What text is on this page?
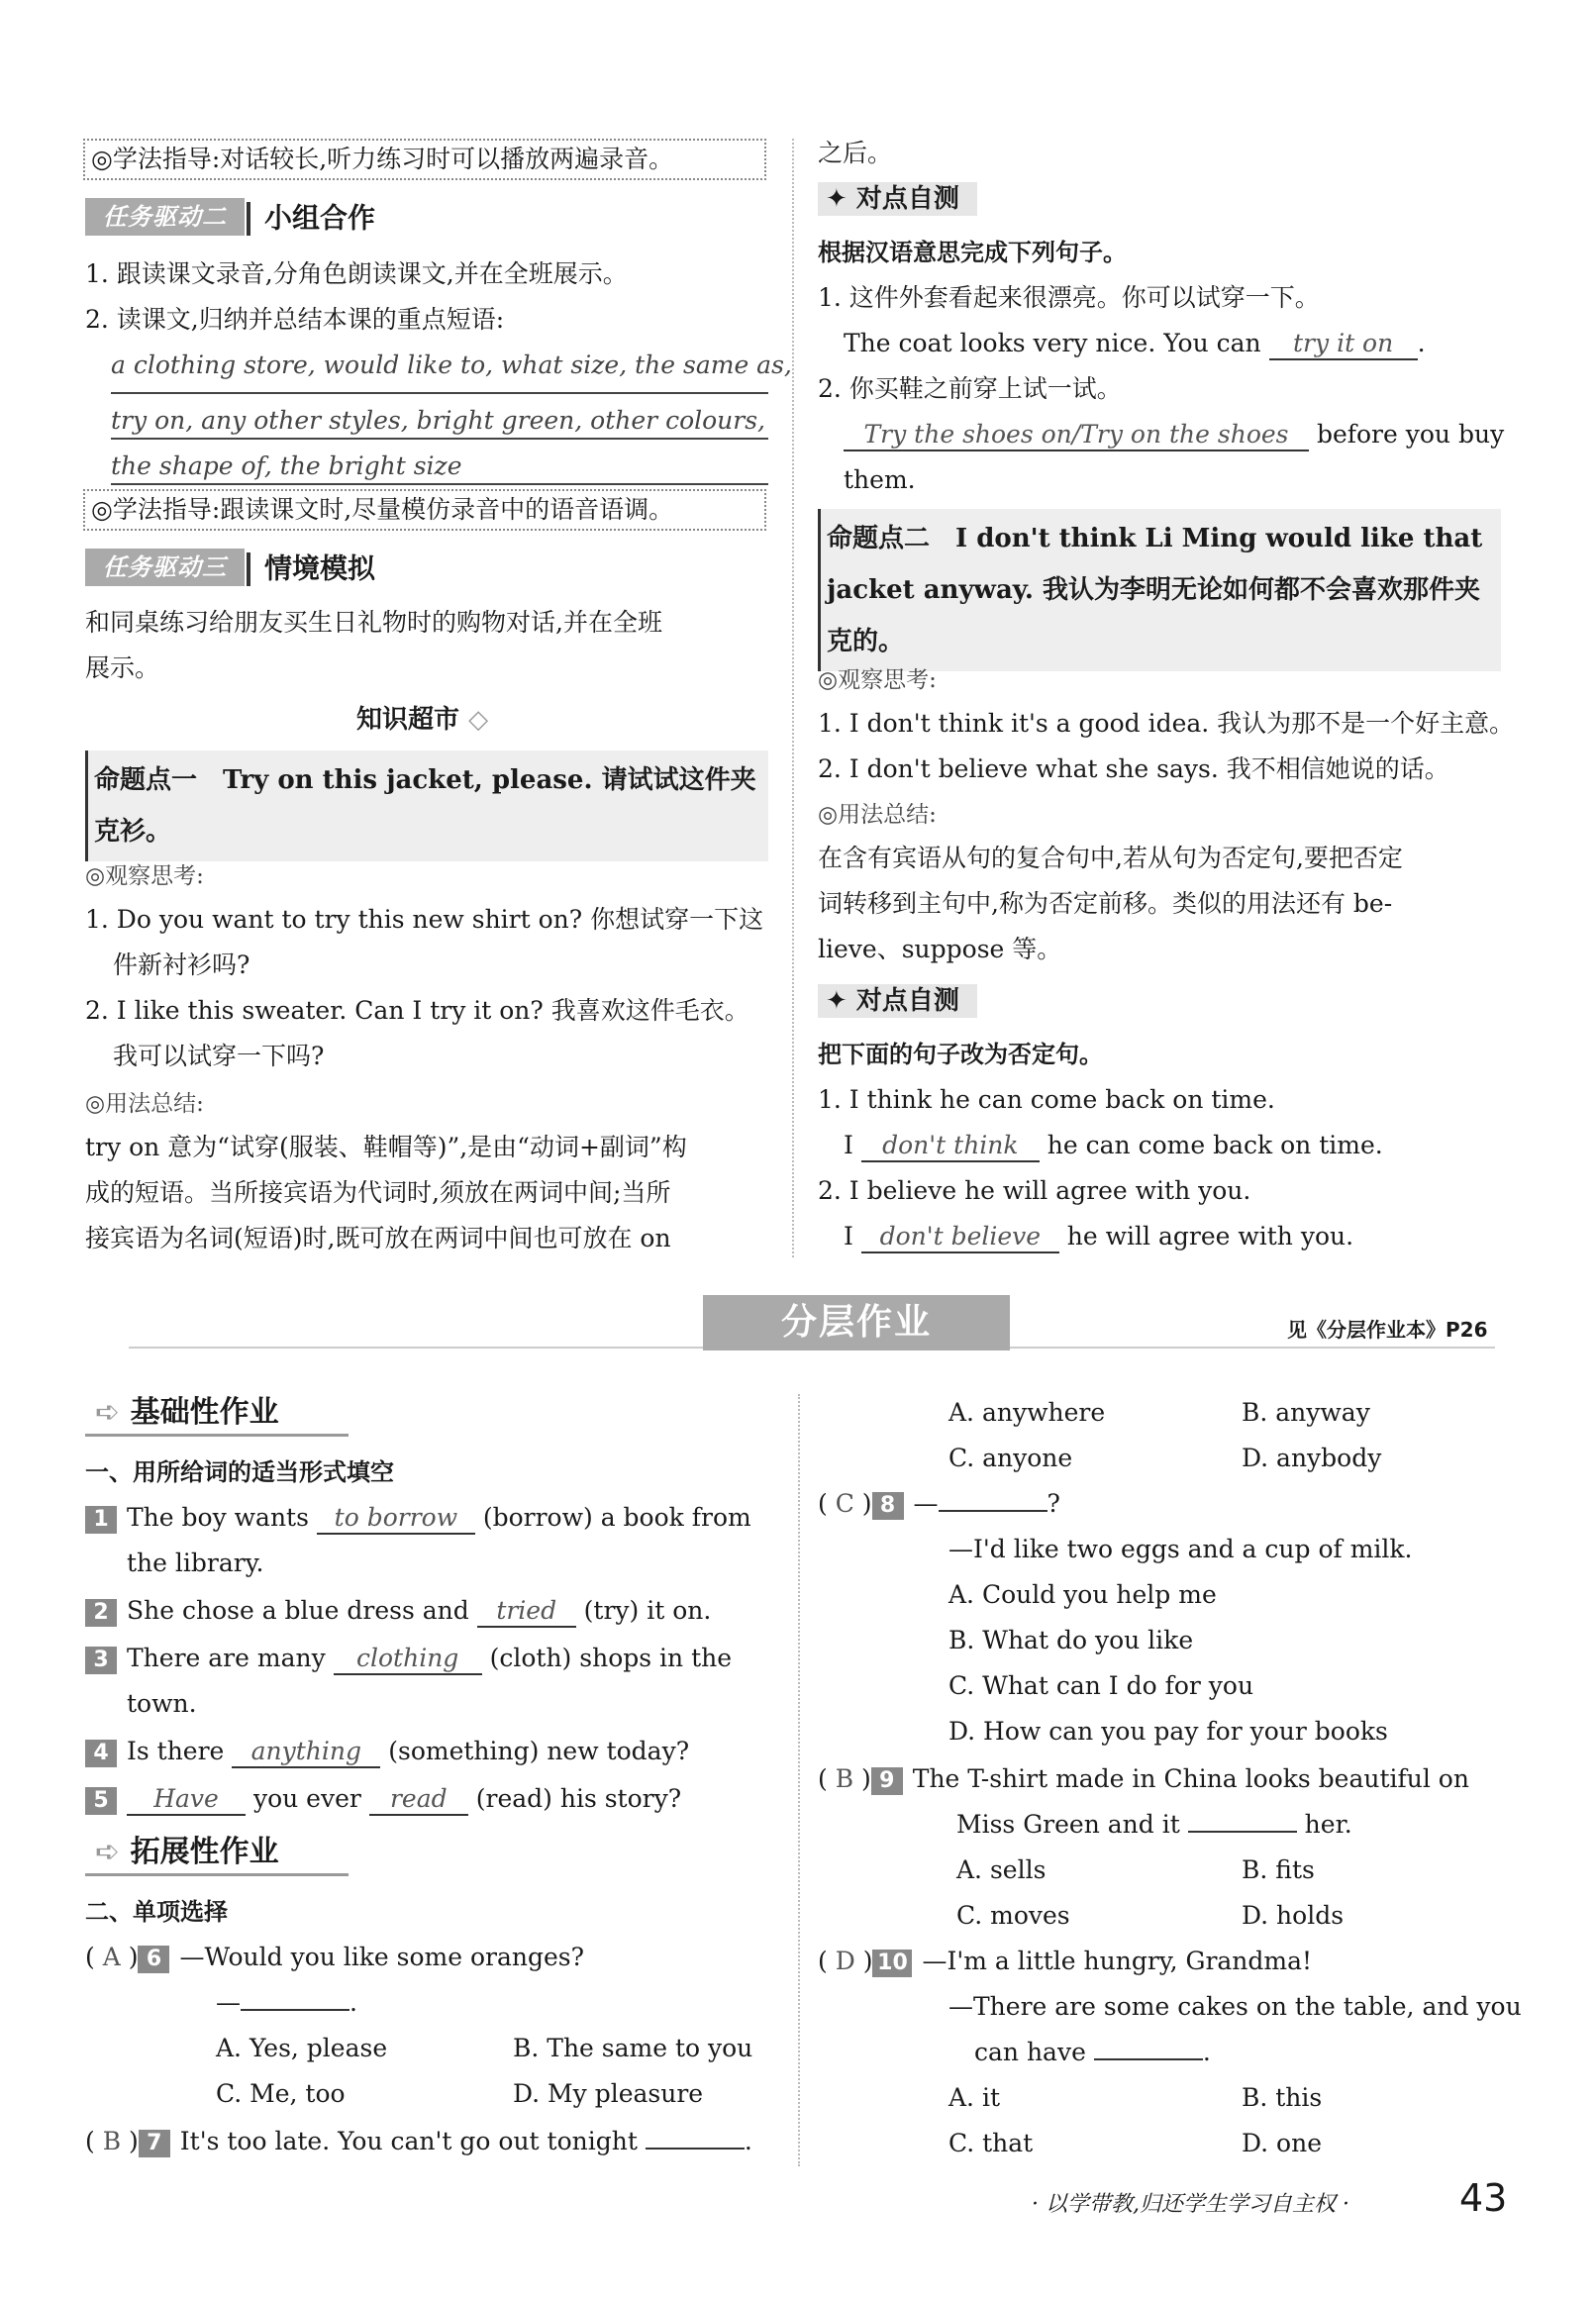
◎学法指导:对话较长,听力练习时可以播放两遍录音。
任务驱动二 小组合作
1. 跟读课文录音,分角色朗读课文,并在全班展示。
2. 读课文,归纳并总结本课的重点短语:
a clothing store, would like to, what size, the same as,
try on, any other styles, bright green, other colours,
the shape of, the bright size
◎学法指导:跟读课文时,尽量模仿录音中的语音语调。
任务驱动三 情境模拟
和同桌练习给朋友买生日礼物时的购物对话,并在全班
展示。
知识超市 ◇
命题点一　Try on this jacket, please. 请试试这件夹克衫。
◎观察思考:
1. Do you want to try this new shirt on? 你想试穿一下这
件新衬衫吗?
2. I like this sweater. Can I try it on? 我喜欢这件毛衣。
我可以试穿一下吗?
◎用法总结:
try on 意为“试穿(服装、鞋帽等)”,是由“动词+副词”构
成的短语。当所接宾语为代词时,须放在两词中间;当所
接宾语为名词(短语)时,既可放在两词中间也可放在 on
之后。
✦ 对点自测
根据汉语意思完成下列句子。
1. 这件外套看起来很漂亮。你可以试穿一下。
The coat looks very nice. You can try it on .
2. 你买鞋之前穿上试一试。
Try the shoes on/Try on the shoes before you buy
them.
命题点二　I don't think Li Ming would like that jacket anyway. 我认为李明无论如何都不会喜欢那件夹克的。
◎观察思考:
1. I don't think it's a good idea. 我认为那不是一个好主意。
2. I don't believe what she says. 我不相信她说的话。
◎用法总结:
在含有宾语从句的复合句中,若从句为否定句,要把否定
词转移到主句中,称为否定前移。类似的用法还有 be-
lieve、suppose 等。
✦ 对点自测
把下面的句子改为否定句。
1. I think he can come back on time.
I don't think he can come back on time.
2. I believe he will agree with you.
I don't believe he will agree with you.
分层作业	见《分层作业本》P26
➪ 基础性作业
一、用所给词的适当形式填空
1 The boy wants to borrow (borrow) a book from
the library.
2 She chose a blue dress and tried (try) it on.
3 There are many clothing (cloth) shops in the
town.
4 Is there anything (something) new today?
5 Have you ever read (read) his story?
➪ 拓展性作业
二、单项选择
( A ) 6 —Would you like some oranges?
—	.
A. Yes, please	B. The same to you
C. Me, too	D. My pleasure
( B ) 7 It's too late. You can't go out tonight	.
A. anywhere	B. anyway
C. anyone	D. anybody
( C ) 8 —	?
—I'd like two eggs and a cup of milk.
A. Could you help me
B. What do you like
C. What can I do for you
D. How can you pay for your books
( B ) 9 The T-shirt made in China looks beautiful on
Miss Green and it	her.
A. sells	B. fits
C. moves	D. holds
( D ) 10 —I'm a little hungry, Grandma!
—There are some cakes on the table, and you
can have	.
A. it	B. this
C. that	D. one
· 以学带教,归还学生学习自主权 ·	43
